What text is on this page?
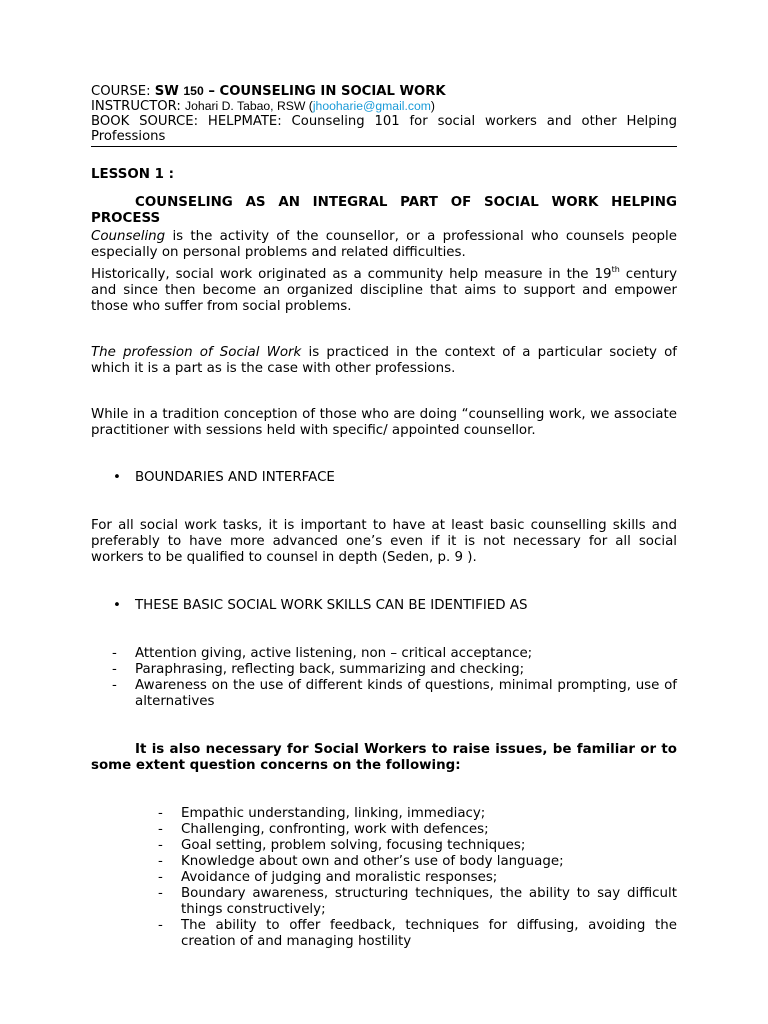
COURSE: SW 150 – COUNSELING IN SOCIAL WORK
INSTRUCTOR: Johari D. Tabao, RSW (jhooharie@gmail.com)
BOOK SOURCE: HELPMATE: Counseling 101 for social workers and other Helping Professions
LESSON 1 :
COUNSELING AS AN INTEGRAL PART OF SOCIAL WORK HELPING PROCESS

Counseling is the activity of the counsellor, or a professional who counsels people especially on personal problems and related difficulties.

Historically, social work originated as a community help measure in the 19th century and since then become an organized discipline that aims to support and empower those who suffer from social problems.

The profession of Social Work is practiced in the context of a particular society of which it is a part as is the case with other professions.

While in a tradition conception of those who are doing “counselling work, we associate practitioner with sessions held with specific/ appointed counsellor.

• BOUNDARIES AND INTERFACE

For all social work tasks, it is important to have at least basic counselling skills and preferably to have more advanced one’s even if it is not necessary for all social workers to be qualified to counsel in depth (Seden, p. 9 ).

• THESE BASIC SOCIAL WORK SKILLS CAN BE IDENTIFIED AS
- Attention giving, active listening, non – critical acceptance;
- Paraphrasing, reflecting back, summarizing and checking;
- Awareness on the use of different kinds of questions, minimal prompting, use of alternatives
It is also necessary for Social Workers to raise issues, be familiar or to some extent question concerns on the following:
- Empathic understanding, linking, immediacy;
- Challenging, confronting, work with defences;
- Goal setting, problem solving, focusing techniques;
- Knowledge about own and other’s use of body language;
- Avoidance of judging and moralistic responses;
- Boundary awareness, structuring techniques, the ability to say difficult things constructively;
- The ability to offer feedback, techniques for diffusing, avoiding the creation of and managing hostility
